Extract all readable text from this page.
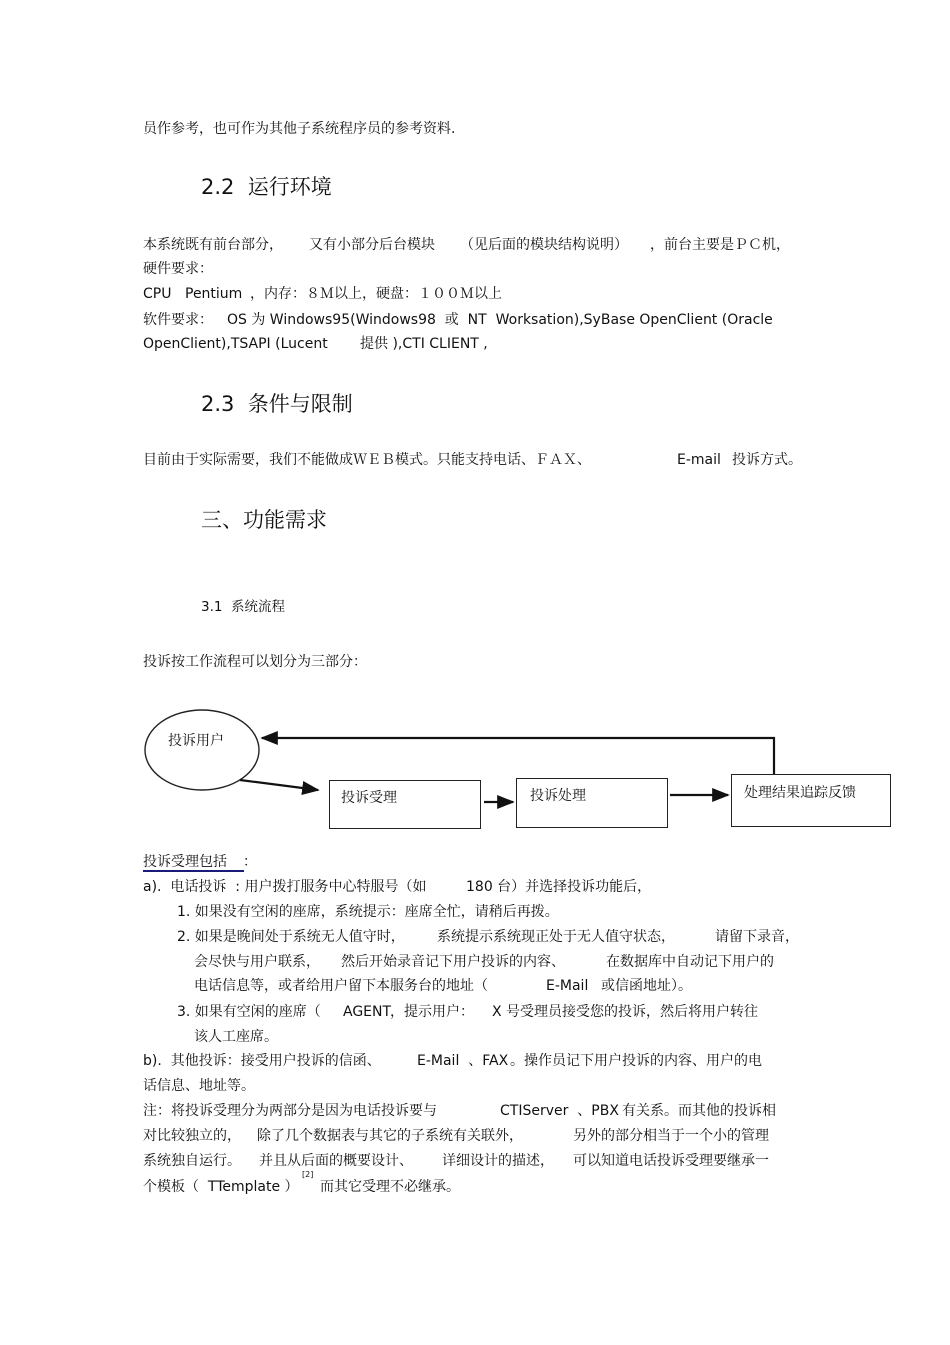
员作参考，也可作为其他子系统程序员的参考资料.
2.2  运行环境
本系统既有前台部分， 又有小部分后台模块 （见后面的模块结构说明） ，前台主要是ＰＣ机，
硬件要求：
CPU Pentium ，内存：８Ｍ以上，硬盘：１００Ｍ以上
软件要求： OS 为 Windows95(Windows98  或  NT  Worksation),SyBase OpenClient (Oracle
OpenClient),TSAPI (Lucent 提供 ),CTI CLIENT ,
2.3  条件与限制
目前由于实际需要，我们不能做成ＷＥＢ模式。只能支持电话、ＦＡＸ、	E-mail 投诉方式。
三、功能需求
3.1  系统流程
投诉按工作流程可以划分为三部分：
投诉用户
投诉受理	投诉处理	处理结果追踪反馈
投诉受理包括 ：
a).  电话投诉  : 用户拨打服务中心特服号（如	180 台）并选择投诉功能后，
1. 如果没有空闲的座席，系统提示：座席全忙，请稍后再拨。
2. 如果是晚间处于系统无人值守时， 系统提示系统现正处于无人值守状态，	请留下录音，
会尽快与用户联系， 然后开始录音记下用户投诉的内容、	在数据库中自动记下用户的
电话信息等，或者给用户留下本服务台的地址（	E-Mail 或信函地址）。
3. 如果有空闲的座席（ AGENT
，提示用户： X 号受理员接受您的投诉，然后将用户转往
该人工座席。
b).  其他投诉：接受用户投诉的信函、	E-Mail  、FAX 。操作员记下用户投诉的内容、用户的电
话信息、地址等。
注：将投诉受理分为两部分是因为电话投诉要与	CTIServer  、PBX 有关系。而其他的投诉相
对比较独立的， 除了几个数据表与其它的子系统有关联外，	另外的部分相当于一个小的管理
系统独自运行。 并且从后面的概要设计、 详细设计的描述， 可以知道电话投诉受理要继承一
个模板（  TTemplate ）
[2]
而其它受理不必继承。
